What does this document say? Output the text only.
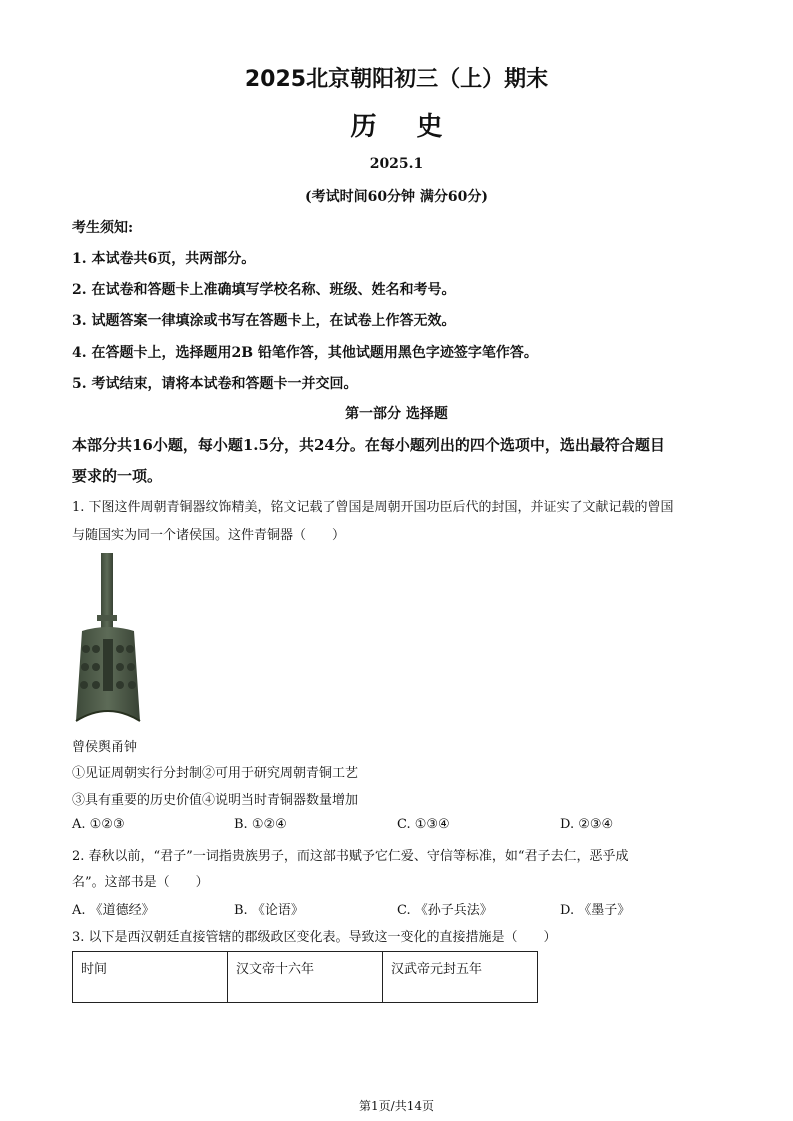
2025北京朝阳初三（上）期末
历史
2025.1
(考试时间60分钟 满分60分)
考生须知:
1. 本试卷共6页，共两部分。
2. 在试卷和答题卡上准确填写学校名称、班级、姓名和考号。
3. 试题答案一律填涂或书写在答题卡上，在试卷上作答无效。
4. 在答题卡上，选择题用2B 铅笔作答，其他试题用黑色字迹签字笔作答。
5. 考试结束，请将本试卷和答题卡一并交回。
第一部分 选择题
本部分共16小题，每小题1.5分，共24分。在每小题列出的四个选项中，选出最符合题目
要求的一项。
1. 下图这件周朝青铜器纹饰精美，铭文记载了曾国是周朝开国功臣后代的封国，并证实了文献记载的曾国
与随国实为同一个诸侯国。这件青铜器（　　）
曾侯舆甬钟
①见证周朝实行分封制②可用于研究周朝青铜工艺
③具有重要的历史价值④说明当时青铜器数量增加
A. ①②③	B. ①②④	C. ①③④	D. ②③④
2. 春秋以前，“君子”一词指贵族男子，而这部书赋予它仁爱、守信等标准，如“君子去仁，恶乎成
名”。这部书是（　　）
A. 《道德经》	B. 《论语》	C. 《孙子兵法》	D. 《墨子》
3. 以下是西汉朝廷直接管辖的郡级政区变化表。导致这一变化的直接措施是（　　）
时间	汉文帝十六年	汉武帝元封五年
第1页/共14页
